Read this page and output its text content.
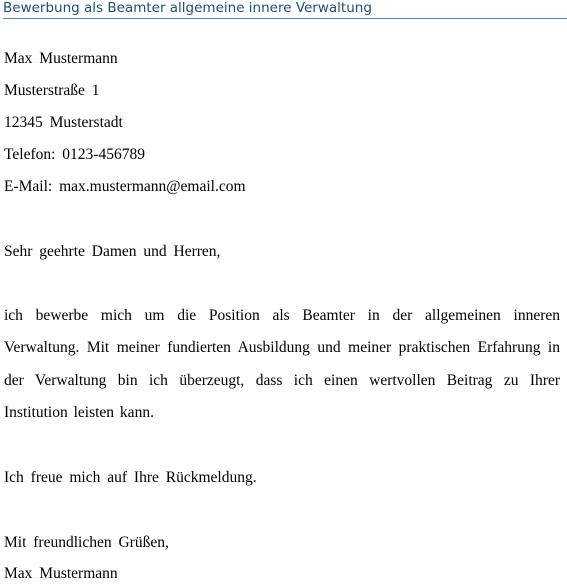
Bewerbung als Beamter allgemeine innere Verwaltung
Max Mustermann
Musterstraße 1
12345 Musterstadt
Telefon: 0123-456789
E-Mail: max.mustermann@email.com
Sehr geehrte Damen und Herren,
ich bewerbe mich um die Position als Beamter in der allgemeinen inneren Verwaltung. Mit meiner fundierten Ausbildung und meiner praktischen Erfahrung in der Verwaltung bin ich überzeugt, dass ich einen wertvollen Beitrag zu Ihrer Institution leisten kann.
Ich freue mich auf Ihre Rückmeldung.
Mit freundlichen Grüßen,
Max Mustermann
